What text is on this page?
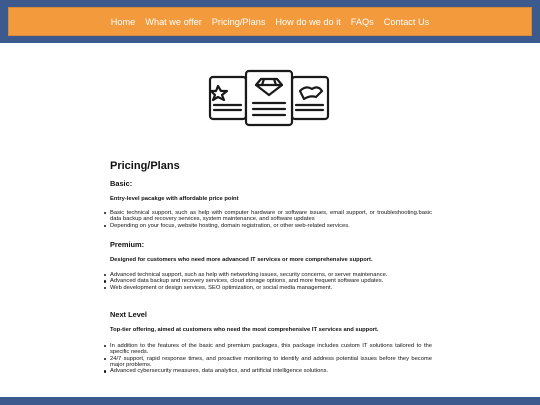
Home	What we offer	Pricing/Plans	How do we do it	FAQs	Contact Us
Pricing/Plans
Basic:

Entry-level pacakge with affordable price point

Basic technical support, such as help with computer hardware or software issues, email support, or troubleshooting.basic data backup and recovery services, system maintenance, and software updates
Depending on your focus, website hosting, domain registration, or other web-related services.
Premium:

Designed for customers who need more advanced IT services or more comprehensive support.

Advanced technical support, such as help with networking issues, security concerns, or server maintenance.
Advanced data backup and recovery services, cloud storage options, and more frequent software updates.
Web development or design services, SEO optimization, or social media management.
Next Level

Top-tier offering, aimed at customers who need the most comprehensive IT services and support.

In addition to the features of the basic and premium packages, this package includes custom IT solutions tailored to the specific needs.
24/7 support, rapid response times, and proactive monitoring to identify and address potential issues before they become major problems.
Advanced cybersecurity measures, data analytics, and artificial intelligence solutions.
